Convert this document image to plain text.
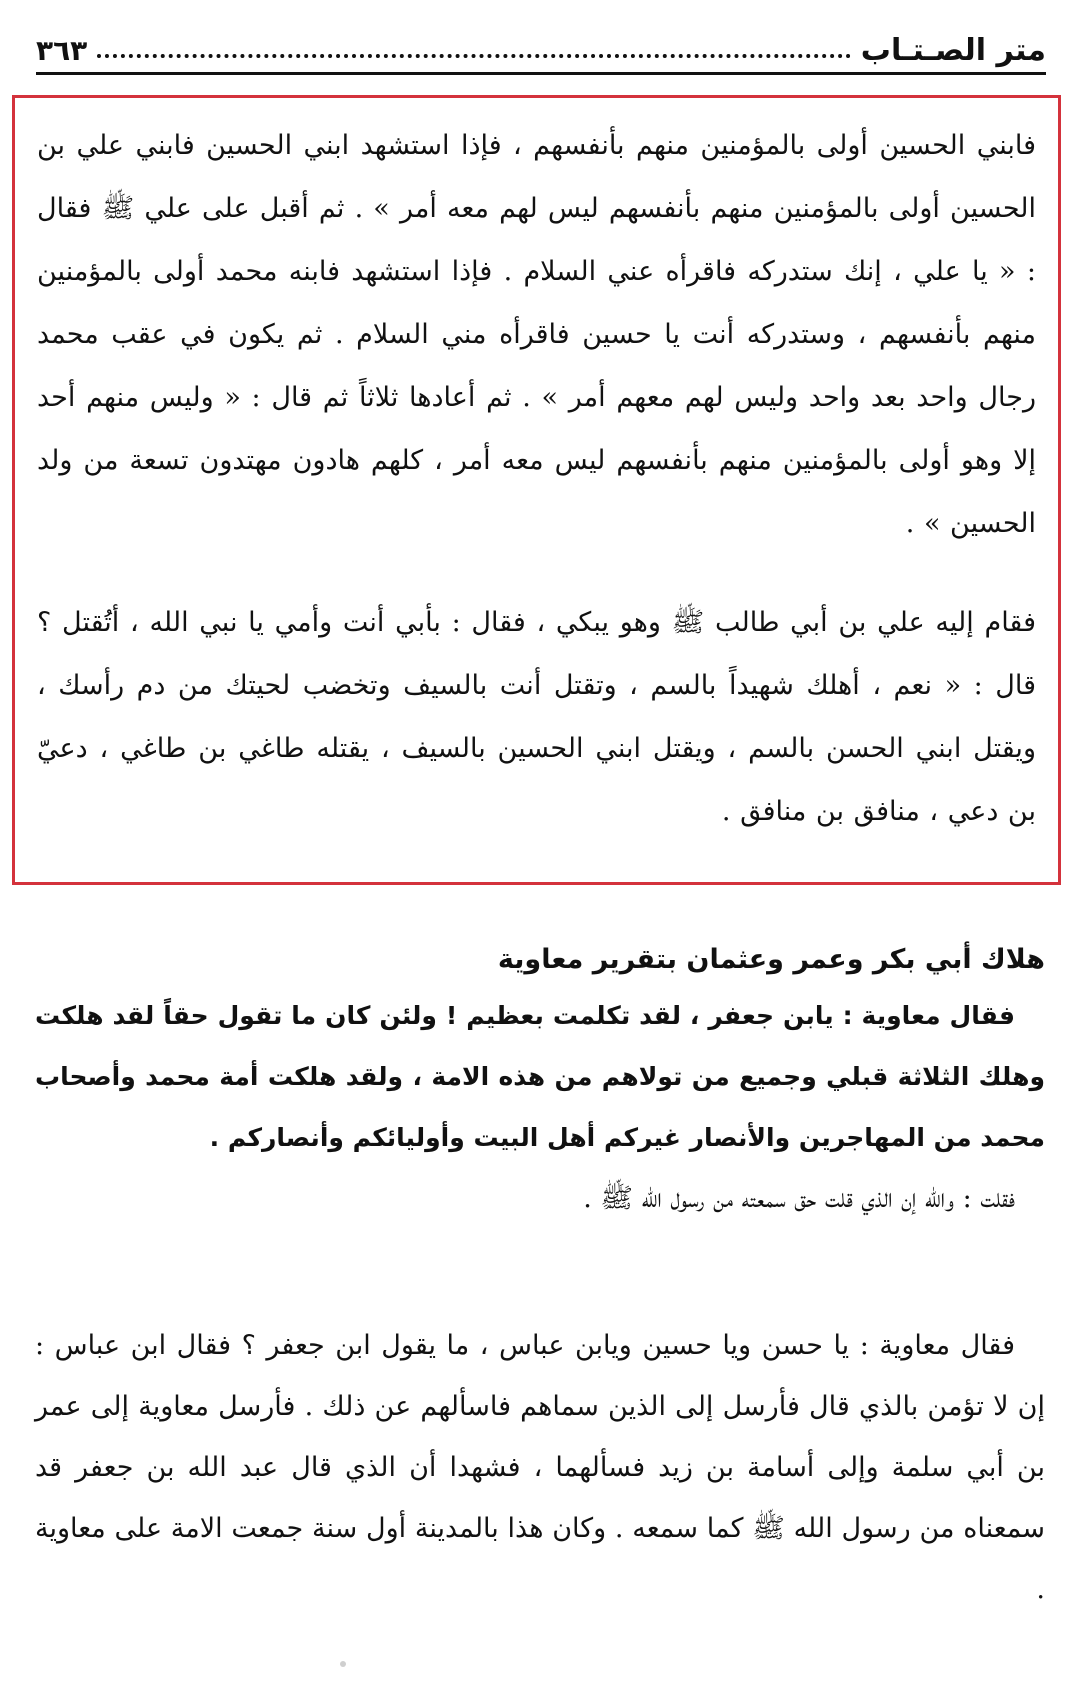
متر الصـتـاب
٣٦٣

فابني الحسين أولى بالمؤمنين منهم بأنفسهم ، فإذا استشهد ابني الحسين فابني علي بن الحسين أولى بالمؤمنين منهم بأنفسهم ليس لهم معه أمر » . ثم أقبل على علي ﷺ فقال : « يا علي ، إنك ستدركه فاقرأه عني السلام . فإذا استشهد فابنه محمد أولى بالمؤمنين منهم بأنفسهم ، وستدركه أنت يا حسين فاقرأه مني السلام . ثم يكون في عقب محمد رجال واحد بعد واحد وليس لهم معهم أمر » . ثم أعادها ثلاثاً ثم قال : « وليس منهم أحد إلا وهو أولى بالمؤمنين منهم بأنفسهم ليس معه أمر ، كلهم هادون مهتدون تسعة من ولد الحسين » .

فقام إليه علي بن أبي طالب ﷺ وهو يبكي ، فقال : بأبي أنت وأمي يا نبي الله ، أتُقتل ؟ قال : « نعم ، أهلك شهيداً بالسم ، وتقتل أنت بالسيف وتخضب لحيتك من دم رأسك ، ويقتل ابني الحسن بالسم ، ويقتل ابني الحسين بالسيف ، يقتله طاغي بن طاغي ، دعيّ بن دعي ، منافق بن منافق .

هلاك أبي بكر وعمر وعثمان بتقرير معاوية

فقال معاوية : يابن جعفر ، لقد تكلمت بعظيم ! ولئن كان ما تقول حقاً لقد هلكت وهلك الثلاثة قبلي وجميع من تولاهم من هذه الامة ، ولقد هلكت أمة محمد وأصحاب محمد من المهاجرين والأنصار غيركم أهل البيت وأوليائكم وأنصاركم .

فقلت : والله إن الذي قلت حق سمعته من رسول الله ﷺ .

فقال معاوية : يا حسن ويا حسين ويابن عباس ، ما يقول ابن جعفر ؟ فقال ابن عباس : إن لا تؤمن بالذي قال فأرسل إلى الذين سماهم فاسألهم عن ذلك . فأرسل معاوية إلى عمر بن أبي سلمة وإلى أسامة بن زيد فسألهما ، فشهدا أن الذي قال عبد الله بن جعفر قد سمعناه من رسول الله ﷺ كما سمعه . وكان هذا بالمدينة أول سنة جمعت الامة على معاوية .
